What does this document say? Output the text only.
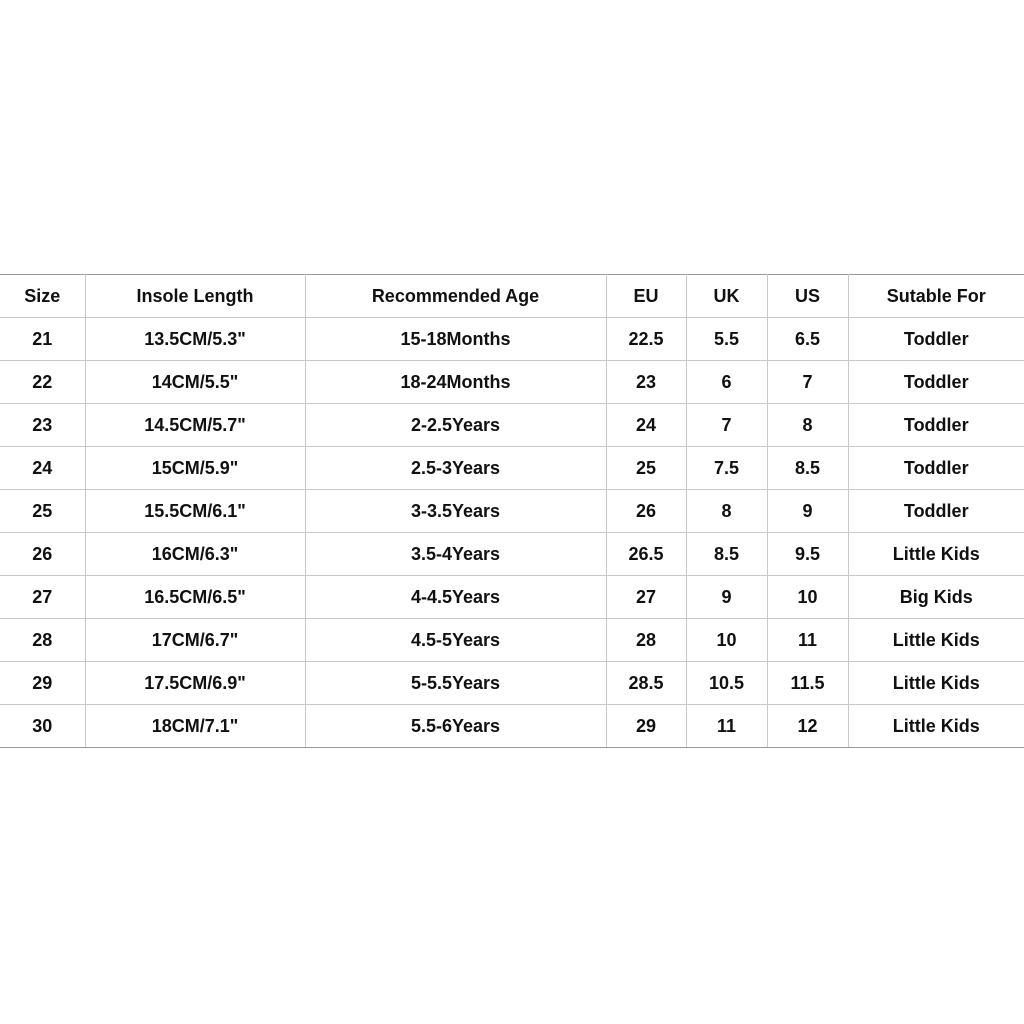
Size	Insole Length	Recommended Age	EU	UK	US	Sutable For
21	13.5CM/5.3"	15-18Months	22.5	5.5	6.5	Toddler
22	14CM/5.5"	18-24Months	23	6	7	Toddler
23	14.5CM/5.7"	2-2.5Years	24	7	8	Toddler
24	15CM/5.9"	2.5-3Years	25	7.5	8.5	Toddler
25	15.5CM/6.1"	3-3.5Years	26	8	9	Toddler
26	16CM/6.3"	3.5-4Years	26.5	8.5	9.5	Little Kids
27	16.5CM/6.5"	4-4.5Years	27	9	10	Big Kids
28	17CM/6.7"	4.5-5Years	28	10	11	Little Kids
29	17.5CM/6.9"	5-5.5Years	28.5	10.5	11.5	Little Kids
30	18CM/7.1"	5.5-6Years	29	11	12	Little Kids
